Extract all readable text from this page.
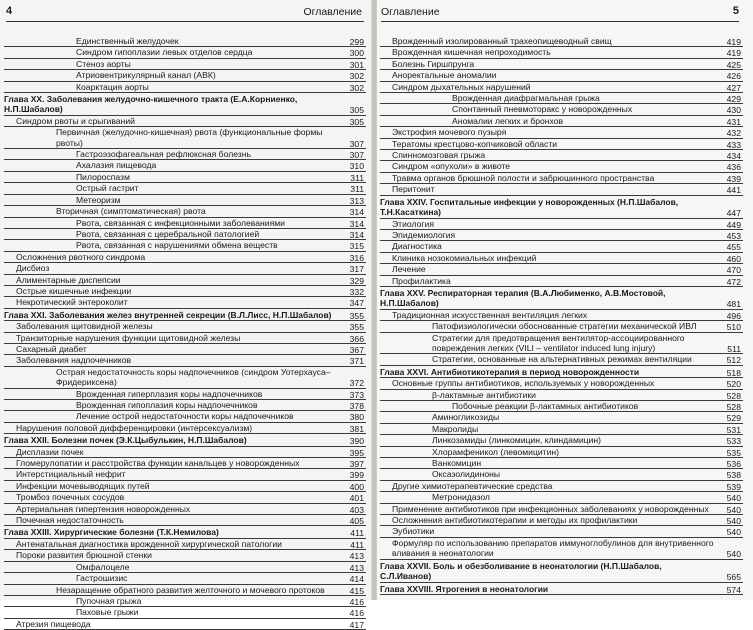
4	Оглавление
Единственный желудочек	299
Синдром гипоплазии левых отделов сердца	300
Стеноз аорты	301
Атриовентрикулярный канал (АВК)	302
Коарктация аорты	302
Глава XX. Заболевания желудочно-кишечного тракта (Е.А.Корниенко, Н.П.Шабалов)	305
Синдром рвоты и срыгиваний	305
Первичная (желудочно-кишечная) рвота (функциональные формы рвоты)	307
Гастроэзофагеальная рефлюксная болезнь	307
Ахалазия пищевода	310
Пилороспазм	311
Острый гастрит	311
Метеоризм	313
Вторичная (симптоматическая) рвота	314
Рвота, связанная с инфекционными заболеваниями	314
Рвота, связанная с церебральной патологией	314
Рвота, связанная с нарушениями обмена веществ	315
Осложнения рвотного синдрома	316
Дисбиоз	317
Алиментарные диспепсии	329
Острые кишечные инфекции	332
Некротический энтероколит	347
Глава XXI. Заболевания желез внутренней секреции (В.Л.Лисс, Н.П.Шабалов)	355
Заболевания щитовидной железы	355
Транзиторные нарушения функции щитовидной железы	366
Сахарный диабет	367
Заболевания надпочечников	371
Острая недостаточность коры надпочечников (синдром Уотерхауса–Фридериксена)	372
Врожденная гиперплазия коры надпочечников	373
Врожденная гипоплазия коры надпочечников	378
Лечение острой недостаточности коры надпочечников	380
Нарушения половой дифференцировки (интерсексуализм)	381
Глава XXII. Болезни почек (Э.К.Цыбулькин, Н.П.Шабалов)	390
Дисплазии почек	395
Гломерулопатии и расстройства функции канальцев у новорожденных	397
Интерстициальный нефрит	399
Инфекции мочевыводящих путей	400
Тромбоз почечных сосудов	401
Артериальная гипертензия новорожденных	403
Почечная недостаточность	405
Глава XXIII. Хирургические болезни (Т.К.Немилова)	411
Антенатальная диагностика врожденной хирургической патологии	411
Пороки развития брюшной стенки	413
Омфалоцеле	413
Гастрошизис	414
Незаращение обратного развития желточного и мочевого протоков	415
Пупочная грыжа	416
Паховые грыжи	416
Атрезия пищевода	417
Оглавление	5
Врожденный изолированный трахеопищеводный свищ	419
Врожденная кишечная непроходимость	419
Болезнь Гиршпрунга	425
Аноректальные аномалии	426
Синдром дыхательных нарушений	427
Врожденная диафрагмальная грыжа	429
Спонтанный пневмоторакс у новорожденных	430
Аномалии легких и бронхов	431
Экстрофия мочевого пузыря	432
Тератомы крестцово-копчиковой области	433
Спинномозговая грыжа	434
Синдром «опухоли» в животе	436
Травма органов брюшной полости и забрюшинного пространства	439
Перитонит	441
Глава XXIV. Госпитальные инфекции у новорожденных (Н.П.Шабалов, Т.Н.Касаткина)	447
Этиология	449
Эпидемиология	453
Диагностика	455
Клиника нозокомиальных инфекций	460
Лечение	470
Профилактика	472
Глава XXV. Респираторная терапия (В.А.Любименко, А.В.Мостовой, Н.П.Шабалов)	481
Традиционная искусственная вентиляция легких	496
Патофизиологически обоснованные стратегии механической ИВЛ	510
Стратегии для предотвращения вентилятор-ассоциированного повреждения легких (VILI – ventilator induced lung injury)	511
Стратегии, основанные на альтернативных режимах вентиляции	512
Глава XXVI. Антибиотикотерапия в период новорожденности	518
Основные группы антибиотиков, используемых у новорожденных	520
β-лактамные антибиотики	528
Побочные реакции β-лактамных антибиотиков	528
Аминогликозиды	529
Макролиды	531
Линкозамиды (линкомицин, клиндамицин)	533
Хлорамфеникол (левомицитин)	535
Ванкомицин	536
Оксазолидиноны	538
Другие химиотерапевтические средства	539
Метронидазол	540
Применение антибиотиков при инфекционных заболеваниях у новорожденных	540
Осложнения антибиотикотерапии и методы их профилактики	540
Эубиотики	540
Формуляр по использованию препаратов иммуноглобулинов для внутривенного вливания в неонатологии	540
Глава XXVII. Боль и обезболивание в неонатологии (Н.П.Шабалов, С.Л.Иванов)	565
Глава XXVIII. Ятрогения в неонатологии	574
